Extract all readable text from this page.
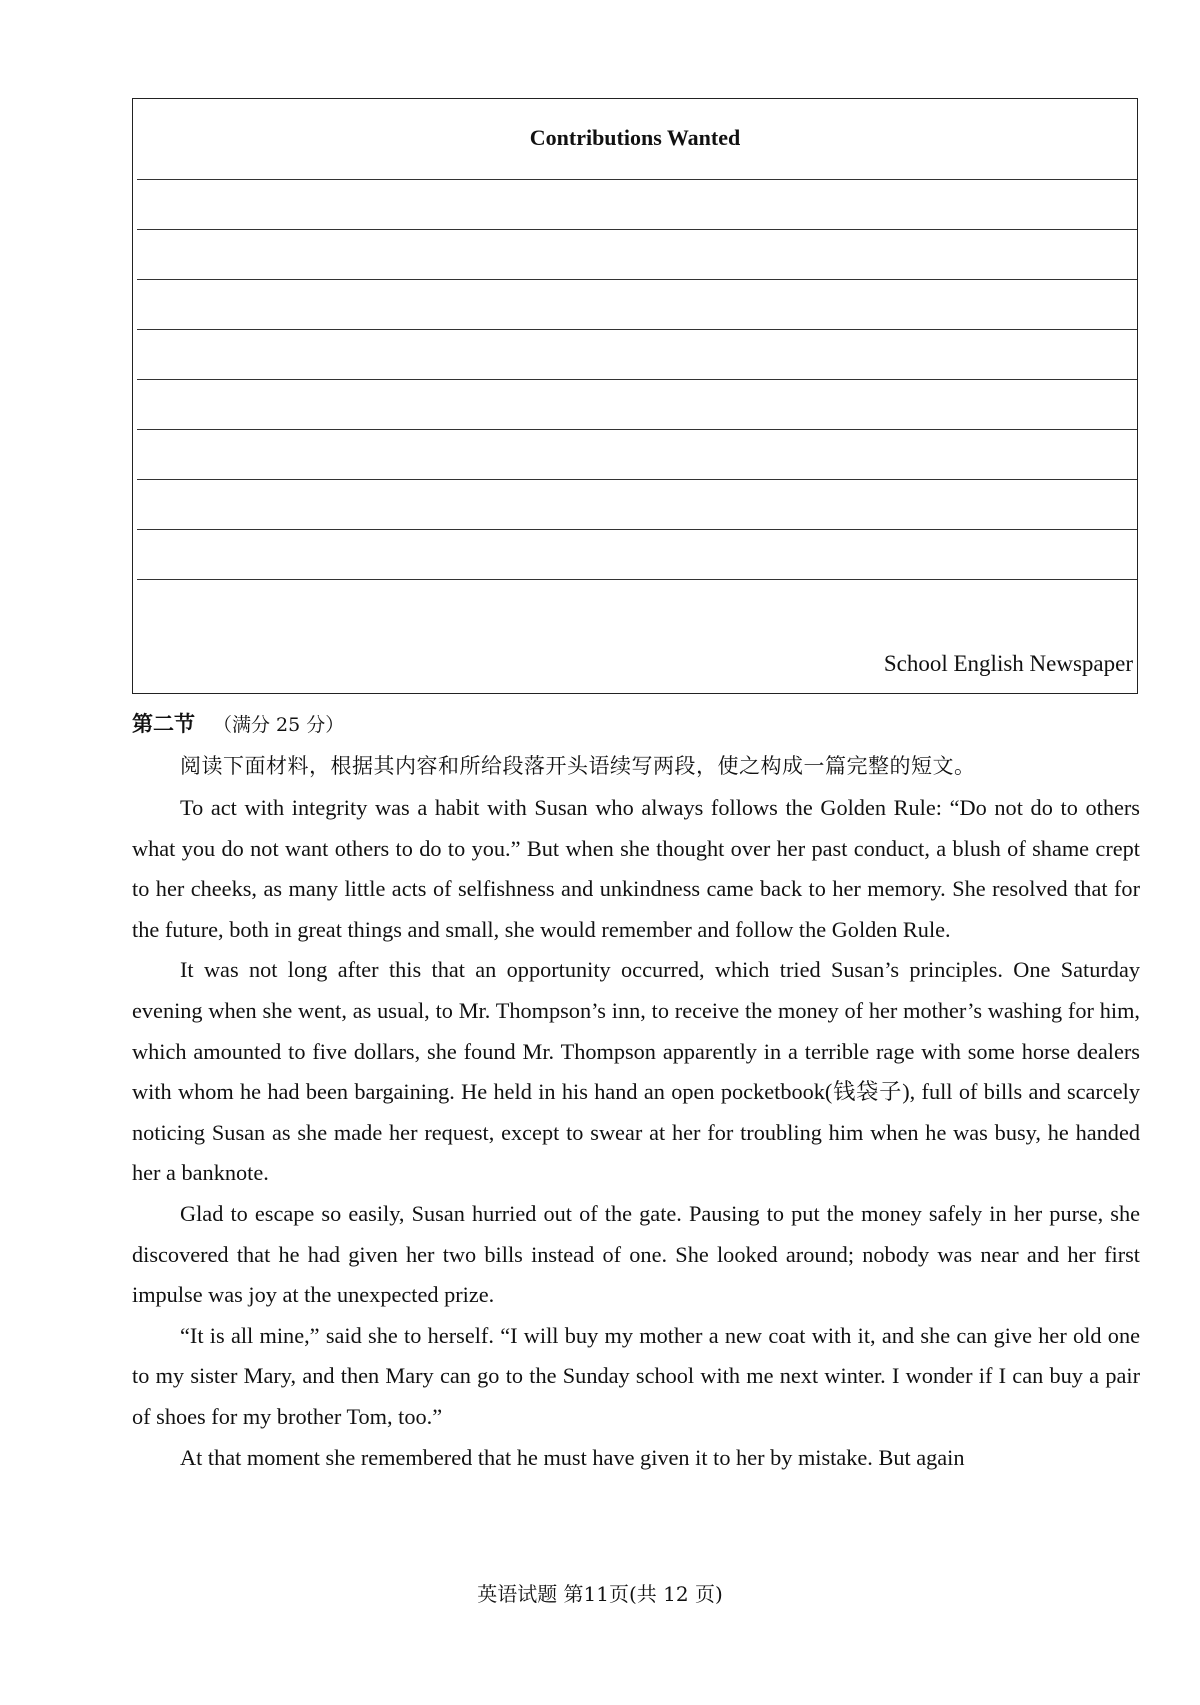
Contributions Wanted
School English Newspaper
第二节 （满分 25 分）
阅读下面材料，根据其内容和所给段落开头语续写两段，使之构成一篇完整的短文。

To act with integrity was a habit with Susan who always follows the Golden Rule: “Do not do to others what you do not want others to do to you.” But when she thought over her past conduct, a blush of shame crept to her cheeks, as many little acts of selfishness and unkindness came back to her memory. She resolved that for the future, both in great things and small, she would remember and follow the Golden Rule.

It was not long after this that an opportunity occurred, which tried Susan’s principles. One Saturday evening when she went, as usual, to Mr. Thompson’s inn, to receive the money of her mother’s washing for him, which amounted to five dollars, she found Mr. Thompson apparently in a terrible rage with some horse dealers with whom he had been bargaining. He held in his hand an open pocketbook(钱袋子), full of bills and scarcely noticing Susan as she made her request, except to swear at her for troubling him when he was busy, he handed her a banknote.

Glad to escape so easily, Susan hurried out of the gate. Pausing to put the money safely in her purse, she discovered that he had given her two bills instead of one. She looked around; nobody was near and her first impulse was joy at the unexpected prize.

“It is all mine,” said she to herself. “I will buy my mother a new coat with it, and she can give her old one to my sister Mary, and then Mary can go to the Sunday school with me next winter. I wonder if I can buy a pair of shoes for my brother Tom, too.”

At that moment she remembered that he must have given it to her by mistake. But again

英语试题 第11页(共 12 页)
